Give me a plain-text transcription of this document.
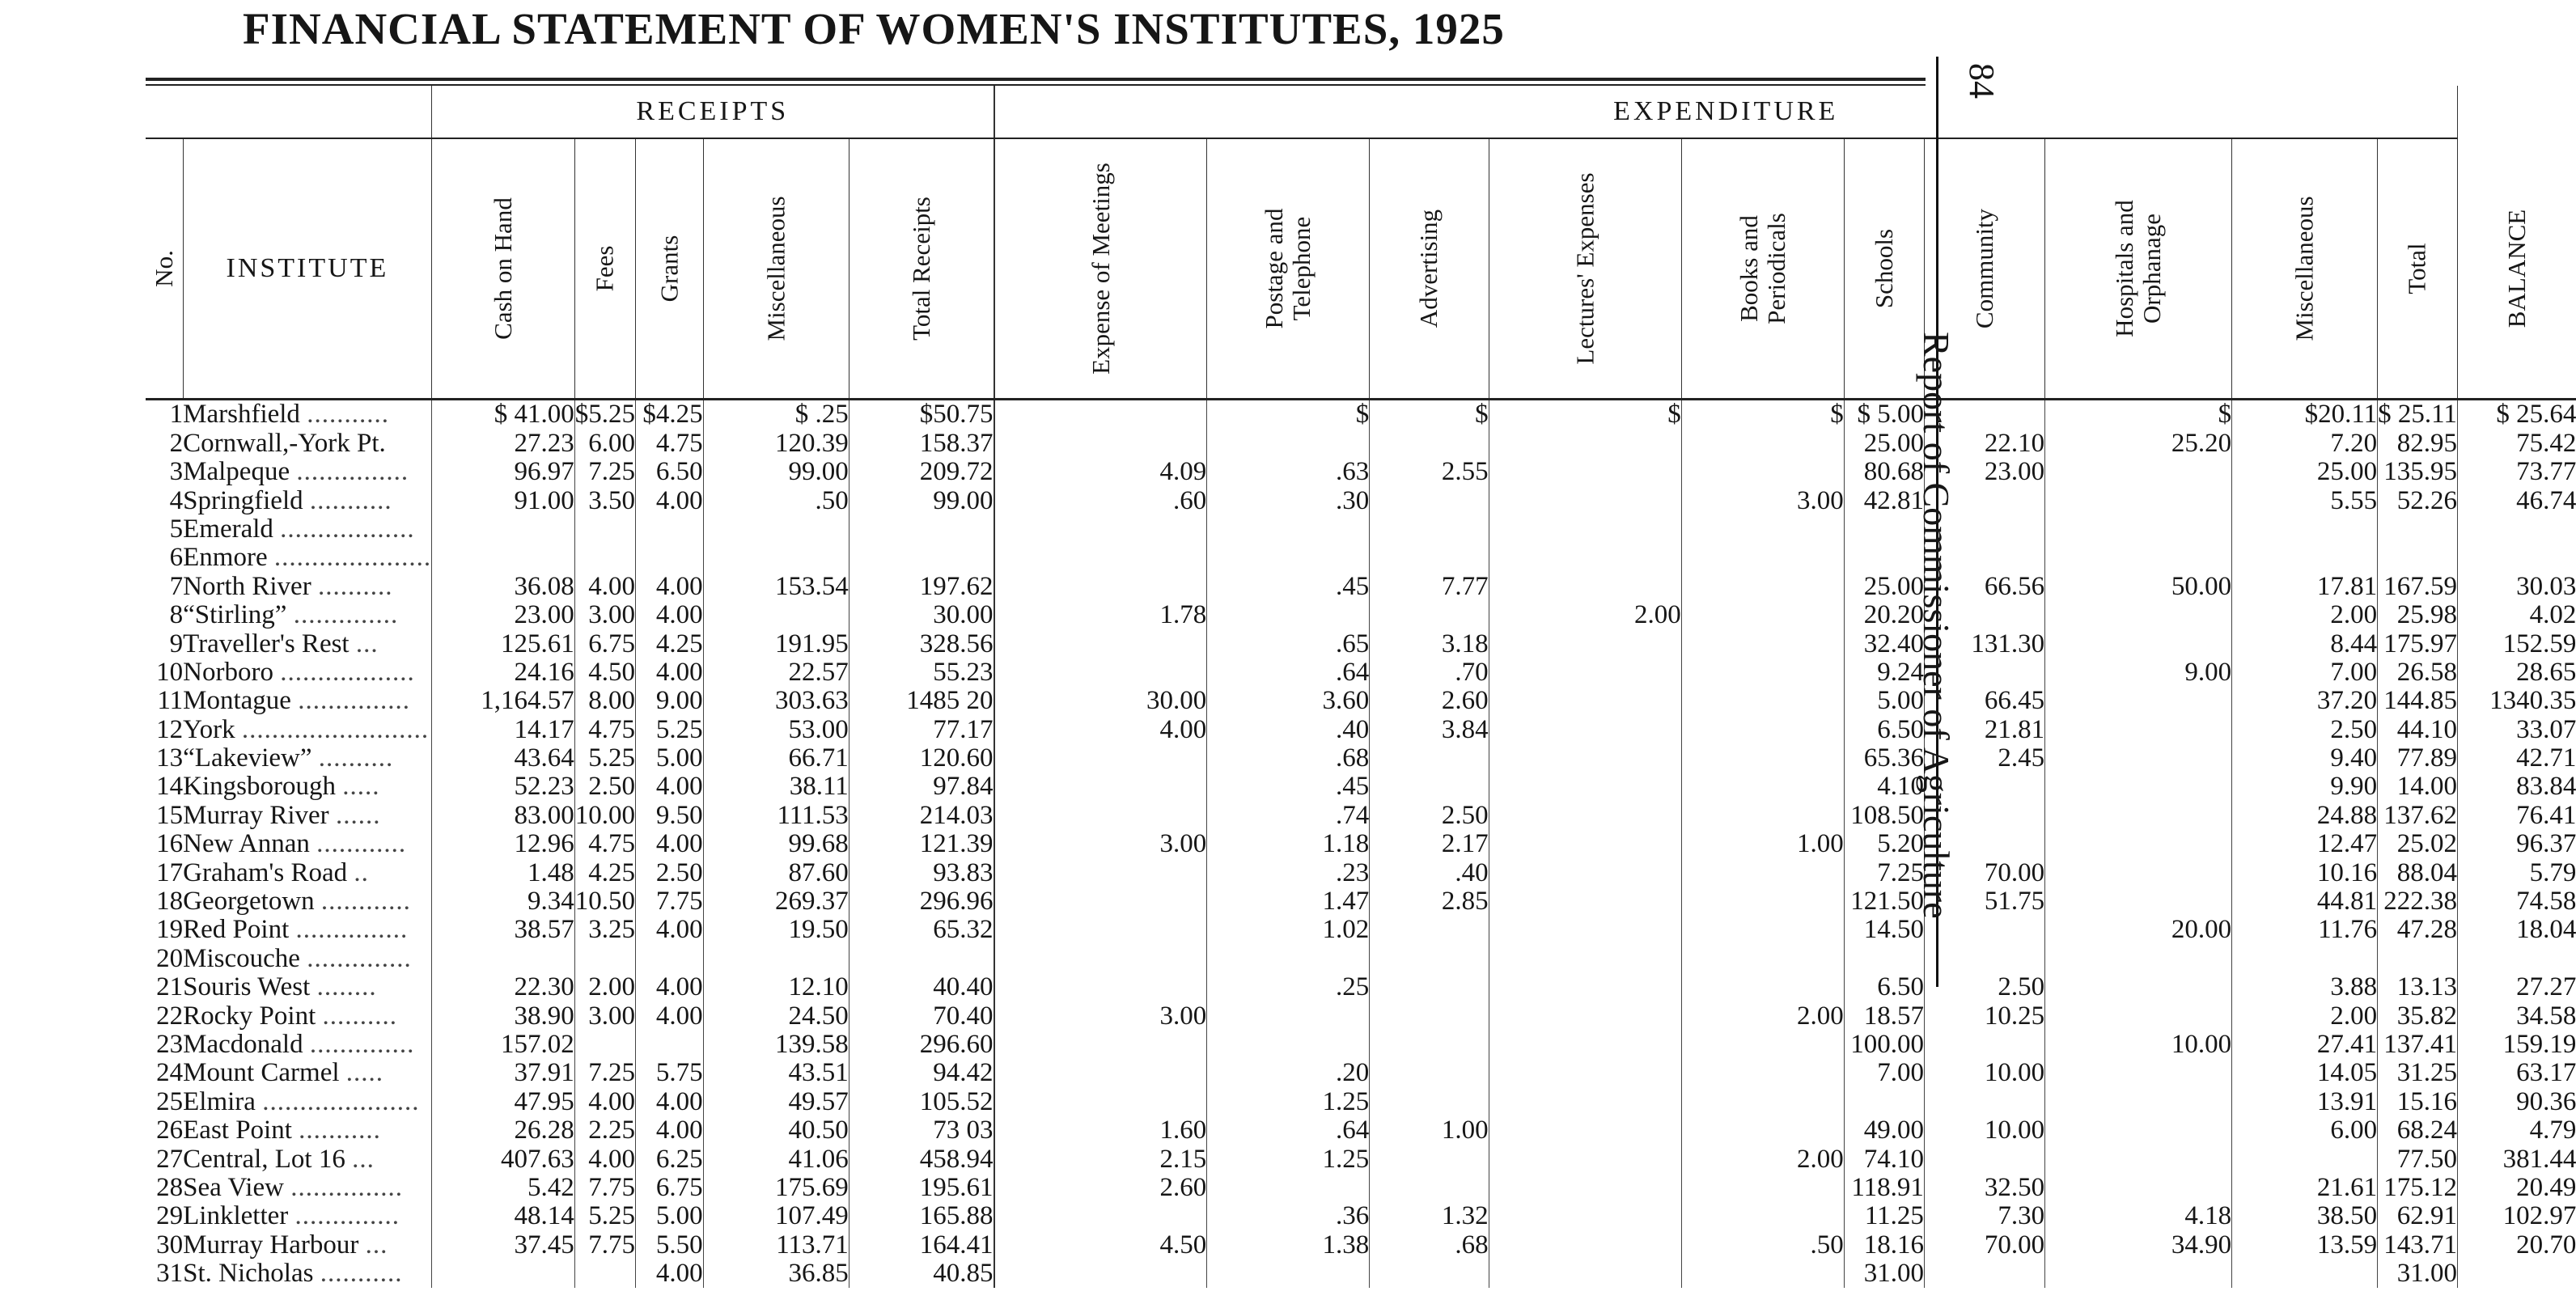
FINANCIAL STATEMENT OF WOMEN'S INSTITUTES, 1925
		RECEIPTS					EXPENDITURE										
No.	INSTITUTE	Cash on Hand	Fees	Grants	Miscellaneous	Total Receipts		Expense of Meetings	Postage and Telephone	Advertising	Lectures' Expenses	Books and Periodicals	Schools	Community	Hospitals and Orphanage	Miscellaneous	Total	BALANCE

1	Marshfield ...........	$ 41.00	$5.25	$4.25	$ .25	$50.75			$	$	$	$	$ 5.00		$	$20.11	$ 25.11	$ 25.64
2	Cornwall,-York Pt.	27.23	6.00	4.75	120.39	158.37							25.00	22.10	25.20	7.20	82.95	75.42
3	Malpeque ...............	96.97	7.25	6.50	99.00	209.72		4.09	.63	2.55			80.68	23.00		25.00	135.95	73.77
4	Springfield ...........	91.00	3.50	4.00	.50	99.00		.60	.30			3.00	42.81			5.55	52.26	46.74
5	Emerald ..................																	
6	Enmore .....................																	
7	North River ..........	36.08	4.00	4.00	153.54	197.62			.45	7.77			25.00	66.56	50.00	17.81	167.59	30.03
8	“Stirling” ..............	23.00	3.00	4.00		30.00		1.78			2.00		20.20			2.00	25.98	4.02
9	Traveller's Rest ...	125.61	6.75	4.25	191.95	328.56			.65	3.18			32.40	131.30		8.44	175.97	152.59
10	Norboro ..................	24.16	4.50	4.00	22.57	55.23			.64	.70			9.24		9.00	7.00	26.58	28.65
11	Montague ...............	1,164.57	8.00	9.00	303.63	1485 20		30.00	3.60	2.60			5.00	66.45		37.20	144.85	1340.35
12	York .........................	14.17	4.75	5.25	53.00	77.17		4.00	.40	3.84			6.50	21.81		2.50	44.10	33.07
13	“Lakeview” ..........	43.64	5.25	5.00	66.71	120.60			.68				65.36	2.45		9.40	77.89	42.71
14	Kingsborough .....	52.23	2.50	4.00	38.11	97.84			.45				4.10			9.90	14.00	83.84
15	Murray River ......	83.00	10.00	9.50	111.53	214.03			.74	2.50			108.50			24.88	137.62	76.41
16	New Annan ............	12.96	4.75	4.00	99.68	121.39		3.00	1.18	2.17		1.00	5.20			12.47	25.02	96.37
17	Graham's Road ..	1.48	4.25	2.50	87.60	93.83			.23	.40			7.25	70.00		10.16	88.04	5.79
18	Georgetown ............	9.34	10.50	7.75	269.37	296.96			1.47	2.85			121.50	51.75		44.81	222.38	74.58
19	Red Point ...............	38.57	3.25	4.00	19.50	65.32			1.02				14.50		20.00	11.76	47.28	18.04
20	Miscouche ..............																	
21	Souris West ........	22.30	2.00	4.00	12.10	40.40			.25				6.50	2.50		3.88	13.13	27.27
22	Rocky Point ..........	38.90	3.00	4.00	24.50	70.40		3.00				2.00	18.57	10.25		2.00	35.82	34.58
23	Macdonald ..............	157.02			139.58	296.60							100.00		10.00	27.41	137.41	159.19
24	Mount Carmel .....	37.91	7.25	5.75	43.51	94.42			.20				7.00	10.00		14.05	31.25	63.17
25	Elmira .....................	47.95	4.00	4.00	49.57	105.52			1.25							13.91	15.16	90.36
26	East Point ...........	26.28	2.25	4.00	40.50	73 03		1.60	.64	1.00			49.00	10.00		6.00	68.24	4.79
27	Central, Lot 16 ...	407.63	4.00	6.25	41.06	458.94		2.15	1.25			2.00	74.10				77.50	381.44
28	Sea View ...............	5.42	7.75	6.75	175.69	195.61		2.60					118.91	32.50		21.61	175.12	20.49
29	Linkletter ..............	48.14	5.25	5.00	107.49	165.88			.36	1.32			11.25	7.30	4.18	38.50	62.91	102.97
30	Murray Harbour ...	37.45	7.75	5.50	113.71	164.41		4.50	1.38	.68		.50	18.16	70.00	34.90	13.59	143.71	20.70
31	St. Nicholas ...........			4.00	36.85	40.85							31.00				31.00	
84
Report of Commissioner of Agriculture
